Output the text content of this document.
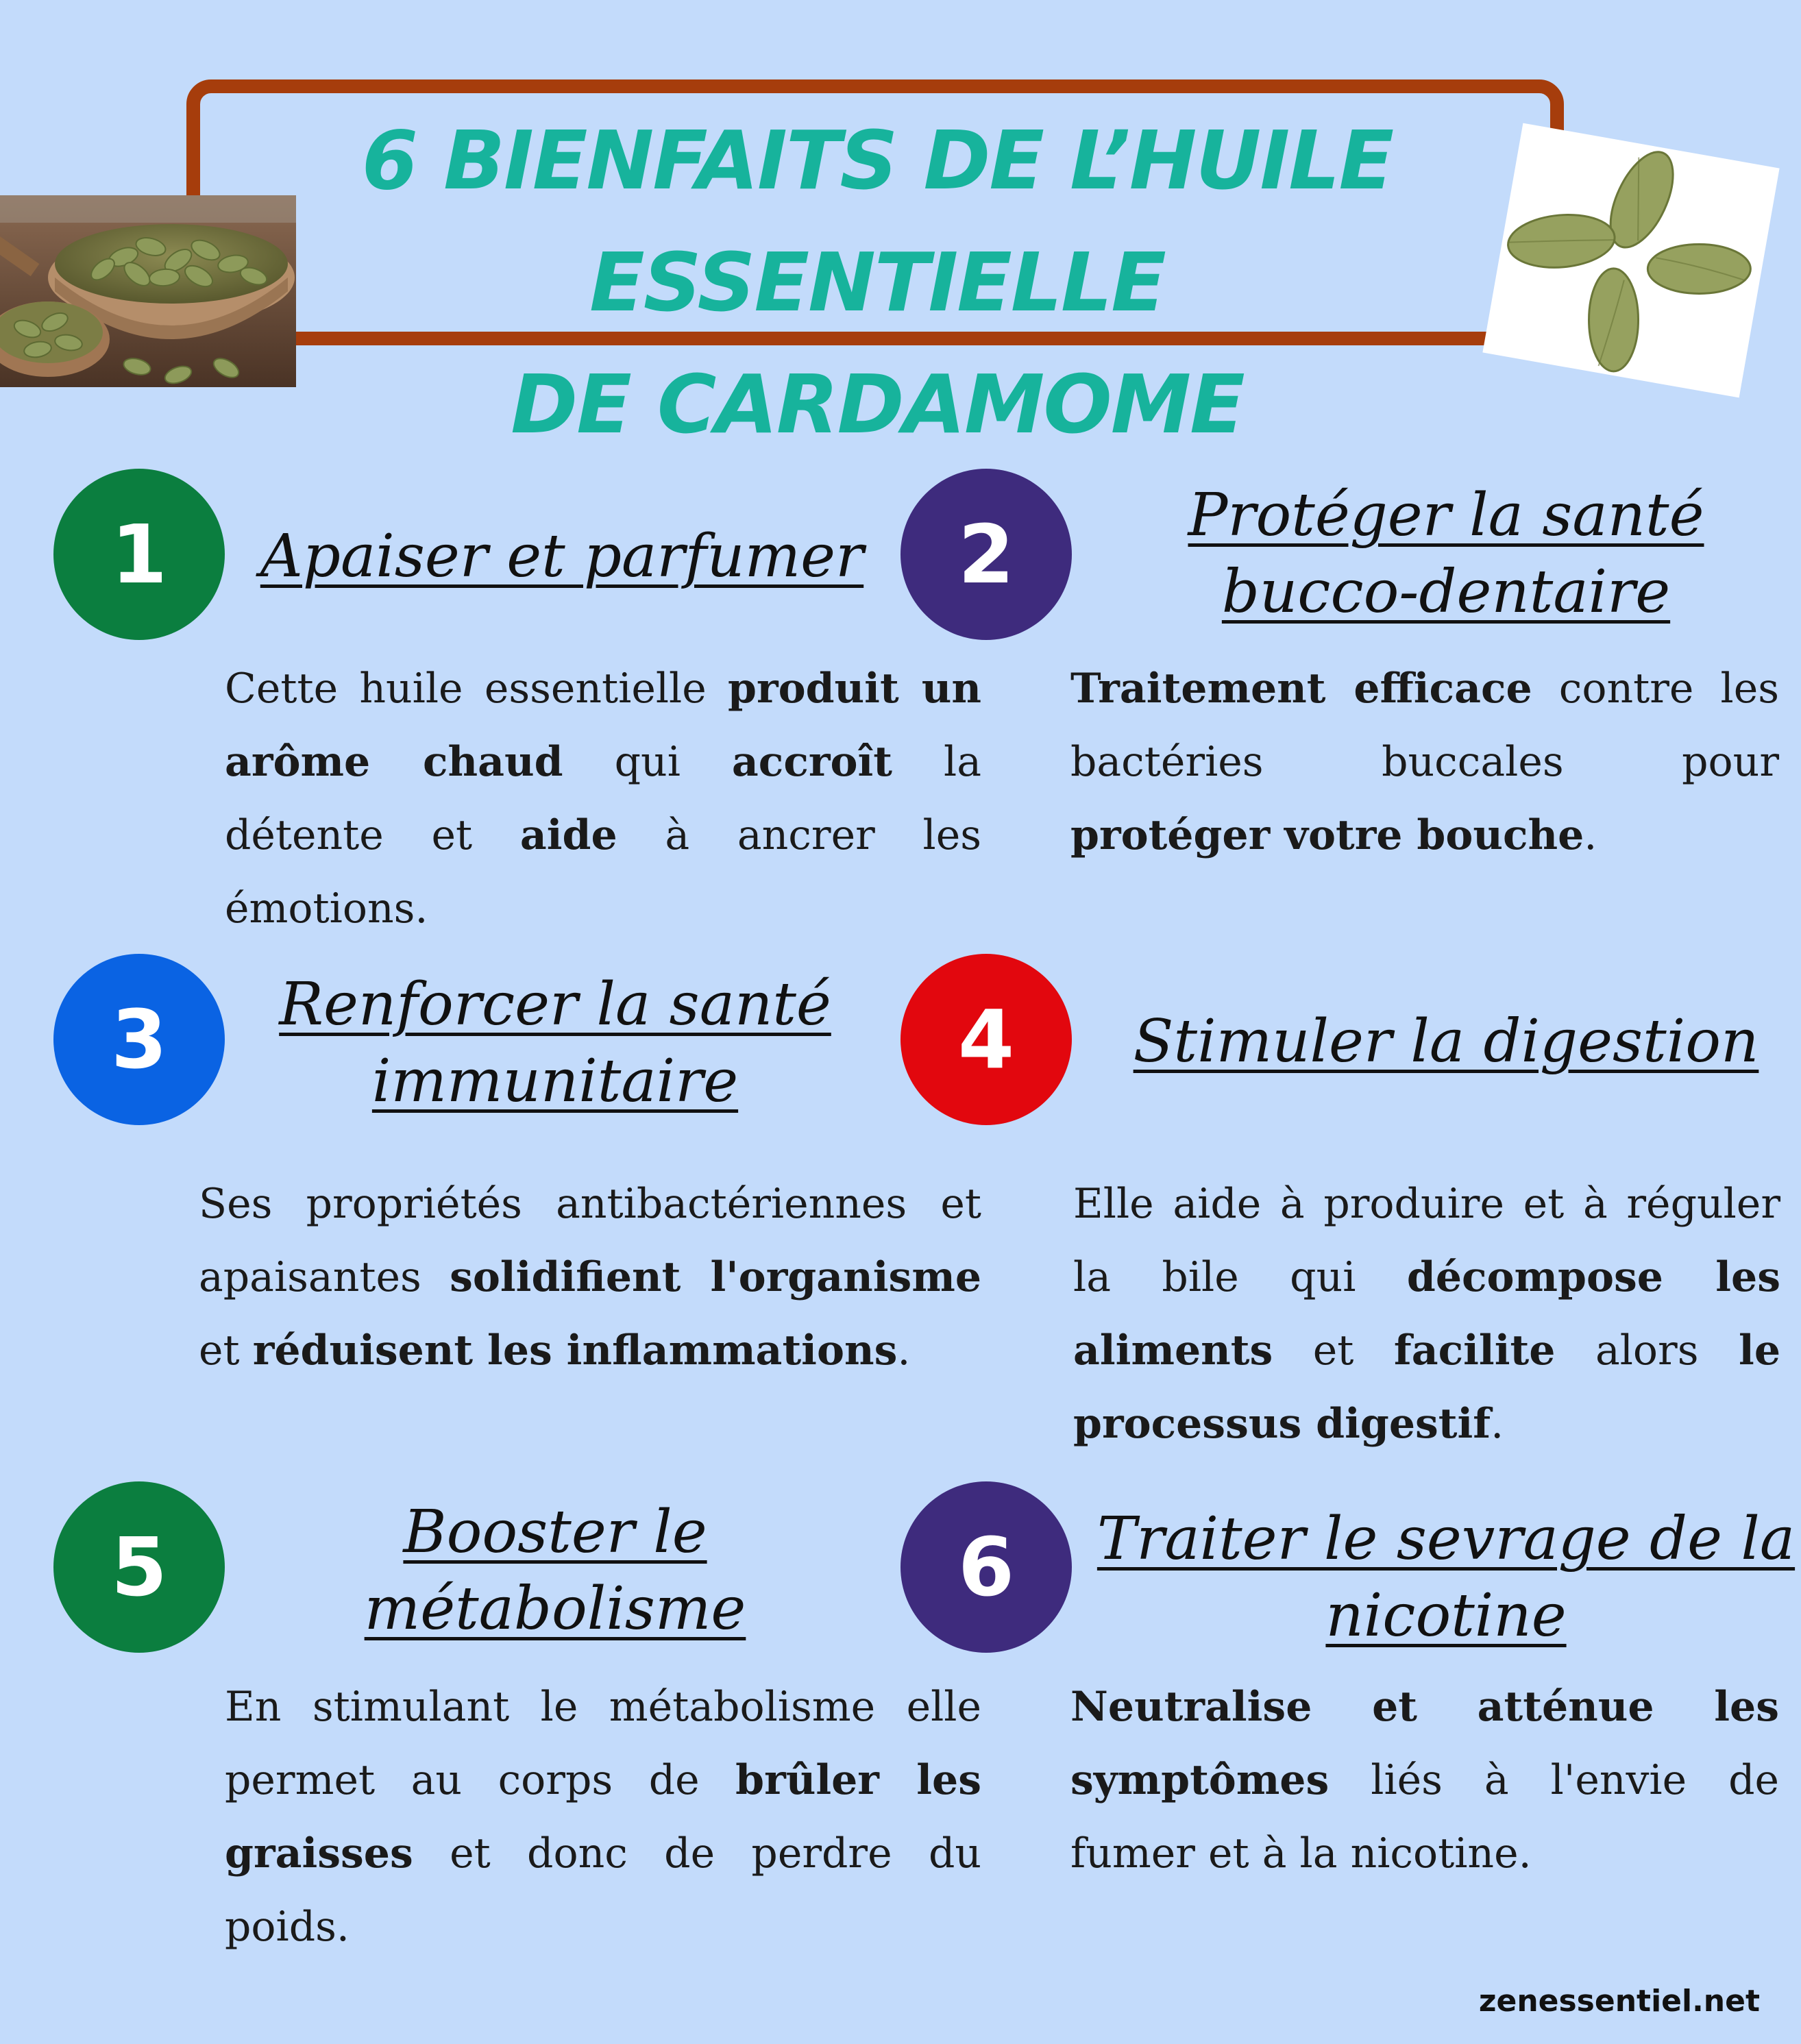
6 BIENFAITS DE L’HUILE ESSENTIELLE
DE CARDAMOME
1	Apaiser et parfumer
Cette huile essentielle produit un arôme chaud qui accroît la détente et aide à ancrer les émotions.
2	Protéger la santé
bucco-dentaire
Traitement efficace contre les bactéries buccales pour protéger votre bouche.
3	Renforcer la santé
immunitaire
Ses propriétés antibactériennes et apaisantes solidifient l'organisme et réduisent les inflammations.
4 Stimuler la digestion
Elle aide à produire et à réguler la bile qui décompose les aliments et facilite alors le processus digestif.
5	Booster le
métabolisme
En stimulant le métabolisme elle permet au corps de brûler les graisses et donc de perdre du poids.
6 Traiter le sevrage de la
nicotine
Neutralise et atténue les symptômes liés à l'envie de fumer et à la nicotine.
zenessentiel.net
